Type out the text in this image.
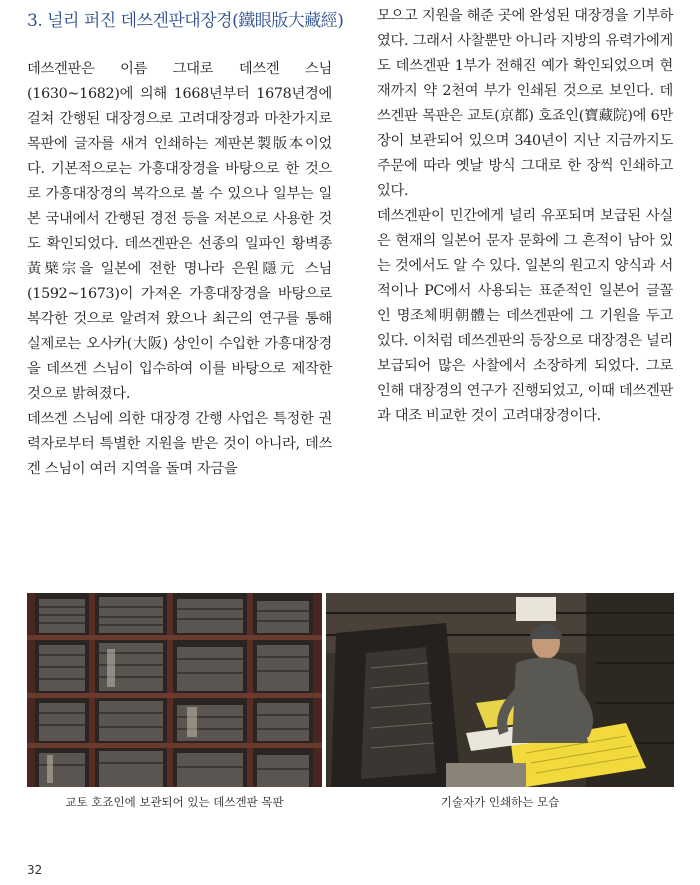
3. 널리 퍼진 데쓰겐판대장경(鐵眼版大藏經)

데쓰겐판은 이름 그대로 데쓰겐 스님(1630~1682)에 의해 1668년부터 1678년경에 걸쳐 간행된 대장경으로 고려대장경과 마찬가지로 목판에 글자를 새겨 인쇄하는 제판본製版本이었다. 기본적으로는 가흥대장경을 바탕으로 한 것으로 가흥대장경의 복각으로 볼 수 있으나 일부는 일본 국내에서 간행된 경전 등을 저본으로 사용한 것도 확인되었다. 데쓰겐판은 선종의 일파인 황벽종黃檗宗을 일본에 전한 명나라 은원隱元 스님(1592~1673)이 가져온 가흥대장경을 바탕으로 복각한 것으로 알려져 왔으나 최근의 연구를 통해 실제로는 오사카(大阪) 상인이 수입한 가흥대장경을 데쓰겐 스님이 입수하여 이를 바탕으로 제작한 것으로 밝혀졌다.

데쓰겐 스님에 의한 대장경 간행 사업은 특정한 권력자로부터 특별한 지원을 받은 것이 아니라, 데쓰겐 스님이 여러 지역을 돌며 자금을

모으고 지원을 해준 곳에 완성된 대장경을 기부하였다. 그래서 사찰뿐만 아니라 지방의 유력가에게도 데쓰겐판 1부가 전해진 예가 확인되었으며 현재까지 약 2천여 부가 인쇄된 것으로 보인다. 데쓰겐판 목판은 교토(京都) 호죠인(寶藏院)에 6만장이 보관되어 있으며 340년이 지난 지금까지도 주문에 따라 옛날 방식 그대로 한 장씩 인쇄하고 있다.

데쓰겐판이 민간에게 널리 유포되며 보급된 사실은 현재의 일본어 문자 문화에 그 흔적이 남아 있는 것에서도 알 수 있다. 일본의 원고지 양식과 서적이나 PC에서 사용되는 표준적인 일본어 글꼴인 명조체明朝體는 데쓰겐판에 그 기원을 두고 있다. 이처럼 데쓰겐판의 등장으로 대장경은 널리 보급되어 많은 사찰에서 소장하게 되었다. 그로 인해 대장경의 연구가 진행되었고, 이때 데쓰겐판과 대조 비교한 것이 고려대장경이다.

교토 호죠인에 보관되어 있는 데쓰겐판 목판	기술자가 인쇄하는 모습
32
